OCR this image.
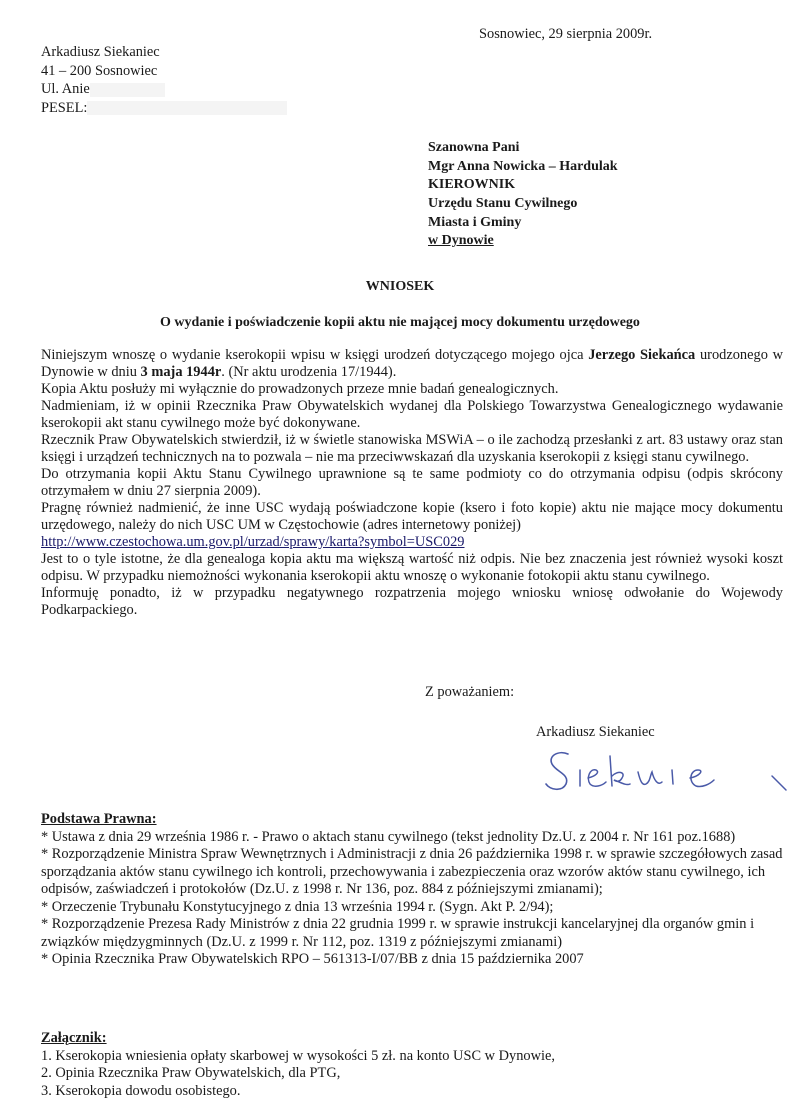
Sosnowiec, 29 sierpnia 2009r.
Arkadiusz Siekaniec
41 – 200 Sosnowiec
Ul. Anie
PESEL:
Szanowna Pani
Mgr Anna Nowicka – Hardulak
KIEROWNIK
Urzędu Stanu Cywilnego
Miasta i Gminy
w Dynowie
WNIOSEK
O wydanie i poświadczenie kopii aktu nie mającej mocy dokumentu urzędowego

Niniejszym wnoszę o wydanie kserokopii wpisu w księgi urodzeń dotyczącego mojego ojca Jerzego Siekańca urodzonego w Dynowie w dniu 3 maja 1944r. (Nr aktu urodzenia 17/1944).

Kopia Aktu posłuży mi wyłącznie do prowadzonych przeze mnie badań genealogicznych.

Nadmieniam, iż w opinii Rzecznika Praw Obywatelskich wydanej dla Polskiego Towarzystwa Genealogicznego wydawanie kserokopii akt stanu cywilnego może być dokonywane.

Rzecznik Praw Obywatelskich stwierdził, iż w świetle stanowiska MSWiA – o ile zachodzą przesłanki z art. 83 ustawy oraz stan księgi i urządzeń technicznych na to pozwala – nie ma przeciwwskazań dla uzyskania kserokopii z księgi stanu cywilnego.

Do otrzymania kopii Aktu Stanu Cywilnego uprawnione są te same podmioty co do otrzymania odpisu (odpis skrócony otrzymałem w dniu 27 sierpnia 2009).

Pragnę również nadmienić, że inne USC wydają poświadczone kopie (ksero i foto kopie) aktu nie mające mocy dokumentu urzędowego, należy do nich USC UM w Częstochowie (adres internetowy poniżej)

http://www.czestochowa.um.gov.pl/urzad/sprawy/karta?symbol=USC029

Jest to o tyle istotne, że dla genealoga kopia aktu ma większą wartość niż odpis. Nie bez znaczenia jest również wysoki koszt odpisu. W przypadku niemożności wykonania kserokopii aktu wnoszę o wykonanie fotokopii aktu stanu cywilnego.

Informuję ponadto, iż w przypadku negatywnego rozpatrzenia mojego wniosku wniosę odwołanie do Wojewody Podkarpackiego.

Z poważaniem:
Arkadiusz Siekaniec

Podstawa Prawna:

* Ustawa z dnia 29 września 1986 r. - Prawo o aktach stanu cywilnego (tekst jednolity Dz.U. z 2004 r. Nr 161 poz.1688)

* Rozporządzenie Ministra Spraw Wewnętrznych i Administracji z dnia 26 października 1998 r. w sprawie szczegółowych zasad sporządzania aktów stanu cywilnego ich kontroli, przechowywania i zabezpieczenia oraz wzorów aktów stanu cywilnego, ich odpisów, zaświadczeń i protokołów (Dz.U. z 1998 r. Nr 136, poz. 884 z późniejszymi zmianami);

* Orzeczenie Trybunału Konstytucyjnego z dnia 13 września 1994 r. (Sygn. Akt P. 2/94);

* Rozporządzenie Prezesa Rady Ministrów z dnia 22 grudnia 1999 r. w sprawie instrukcji kancelaryjnej dla organów gmin i związków międzygminnych (Dz.U. z 1999 r. Nr 112, poz. 1319 z późniejszymi zmianami)

* Opinia Rzecznika Praw Obywatelskich RPO – 561313-I/07/BB z dnia 15 października 2007

Załącznik:

1. Kserokopia wniesienia opłaty skarbowej w wysokości 5 zł. na konto USC w Dynowie,

2. Opinia Rzecznika Praw Obywatelskich, dla PTG,

3. Kserokopia dowodu osobistego.
